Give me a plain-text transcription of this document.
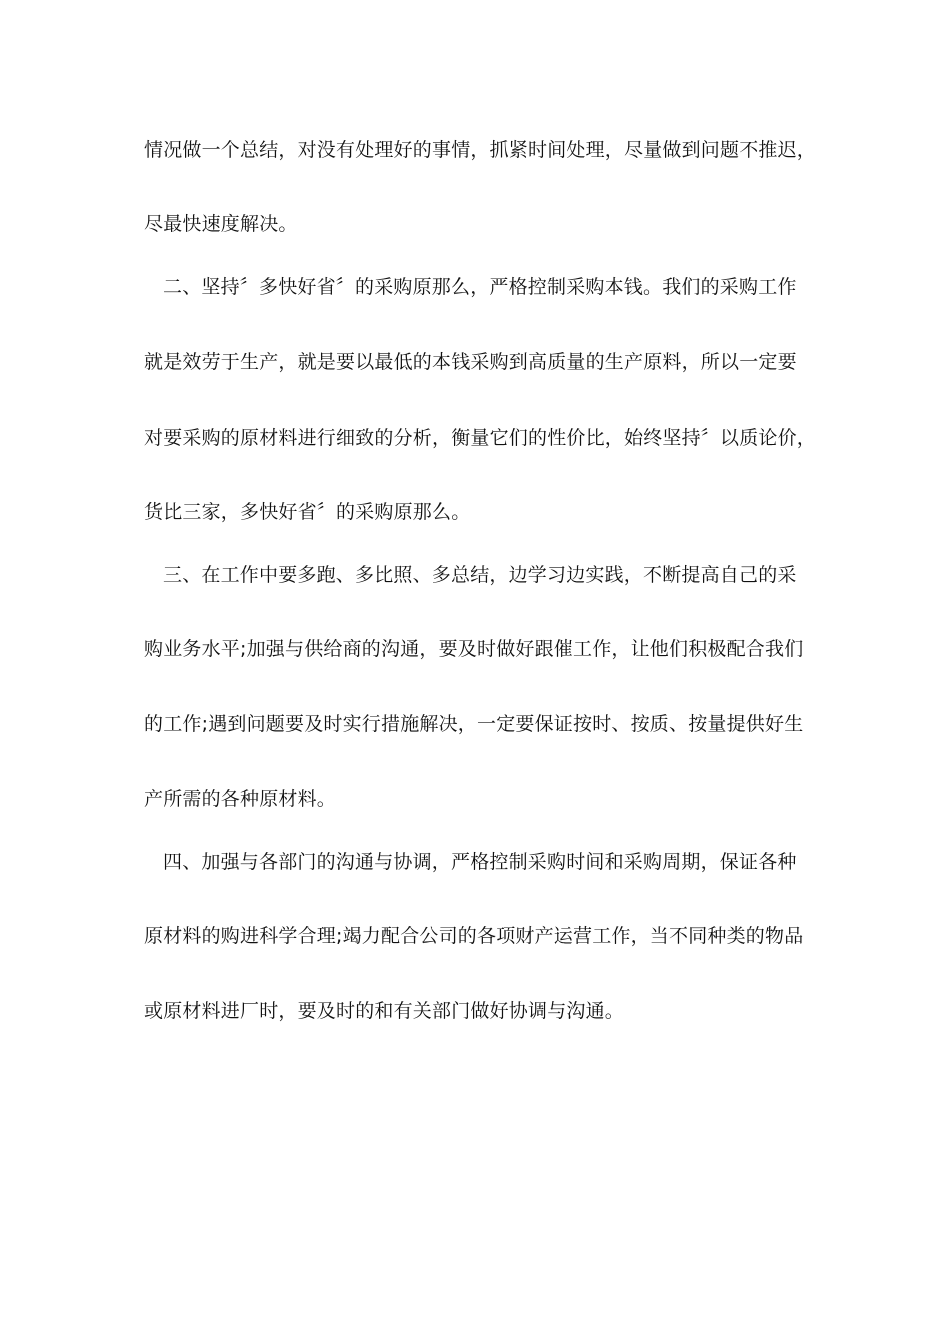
情况做一个总结，对没有处理好的事情，抓紧时间处理，尽量做到问题不推迟，
尽最快速度解决。
二、坚持〞多快好省〞的采购原那么，严格控制采购本钱。我们的采购工作
就是效劳于生产，就是要以最低的本钱采购到高质量的生产原料，所以一定要
对要采购的原材料进行细致的分析，衡量它们的性价比，始终坚持〞以质论价，
货比三家，多快好省〞的采购原那么。
三、在工作中要多跑、多比照、多总结，边学习边实践，不断提高自己的采
购业务水平;加强与供给商的沟通，要及时做好跟催工作，让他们积极配合我们
的工作;遇到问题要及时实行措施解决，一定要保证按时、按质、按量提供好生
产所需的各种原材料。
四、加强与各部门的沟通与协调，严格控制采购时间和采购周期，保证各种
原材料的购进科学合理;竭力配合公司的各项财产运营工作，当不同种类的物品
或原材料进厂时，要及时的和有关部门做好协调与沟通。
